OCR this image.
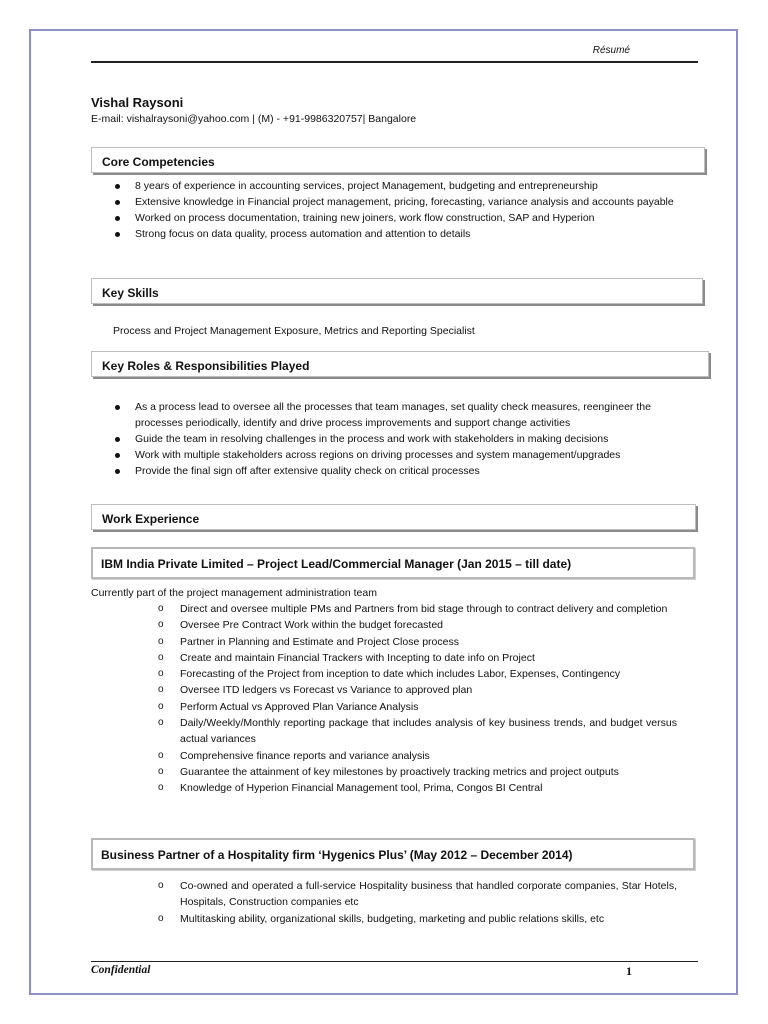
Résumé
Vishal Raysoni
E-mail: vishalraysoni@yahoo.com | (M) - +91-9986320757| Bangalore
Core Competencies
8 years of experience in accounting services, project Management, budgeting and entrepreneurship
Extensive knowledge in Financial project management, pricing, forecasting, variance analysis and accounts payable
Worked on process documentation, training new joiners, work flow construction, SAP and Hyperion
Strong focus on data quality, process automation and attention to details
Key Skills
Process and Project Management Exposure, Metrics and Reporting Specialist
Key Roles & Responsibilities Played
As a process lead to oversee all the processes that team manages, set quality check measures, reengineer the processes periodically, identify and drive process improvements and support change activities
Guide the team in resolving challenges in the process and work with stakeholders in making decisions
Work with multiple stakeholders across regions on driving processes and system management/upgrades
Provide the final sign off after extensive quality check on critical processes
Work Experience
IBM India Private Limited – Project Lead/Commercial Manager (Jan 2015 – till date)
Currently part of the project management administration team
o Direct and oversee multiple PMs and Partners from bid stage through to contract delivery and completion
o Oversee Pre Contract Work within the budget forecasted
o Partner in Planning and Estimate and Project Close process
o Create and maintain Financial Trackers with Incepting to date info on Project
o Forecasting of the Project from inception to date which includes Labor, Expenses, Contingency
o Oversee ITD ledgers vs Forecast vs Variance to approved plan
o Perform Actual vs Approved Plan Variance Analysis
o Daily/Weekly/Monthly reporting package that includes analysis of key business trends, and budget versus actual variances
o Comprehensive finance reports and variance analysis
o Guarantee the attainment of key milestones by proactively tracking metrics and project outputs
o Knowledge of Hyperion Financial Management tool, Prima, Congos BI Central
Business Partner of a Hospitality firm ‘Hygenics Plus’ (May 2012 – December 2014)
o Co-owned and operated a full-service Hospitality business that handled corporate companies, Star Hotels, Hospitals, Construction companies etc
o Multitasking ability, organizational skills, budgeting, marketing and public relations skills, etc
Confidential	1
